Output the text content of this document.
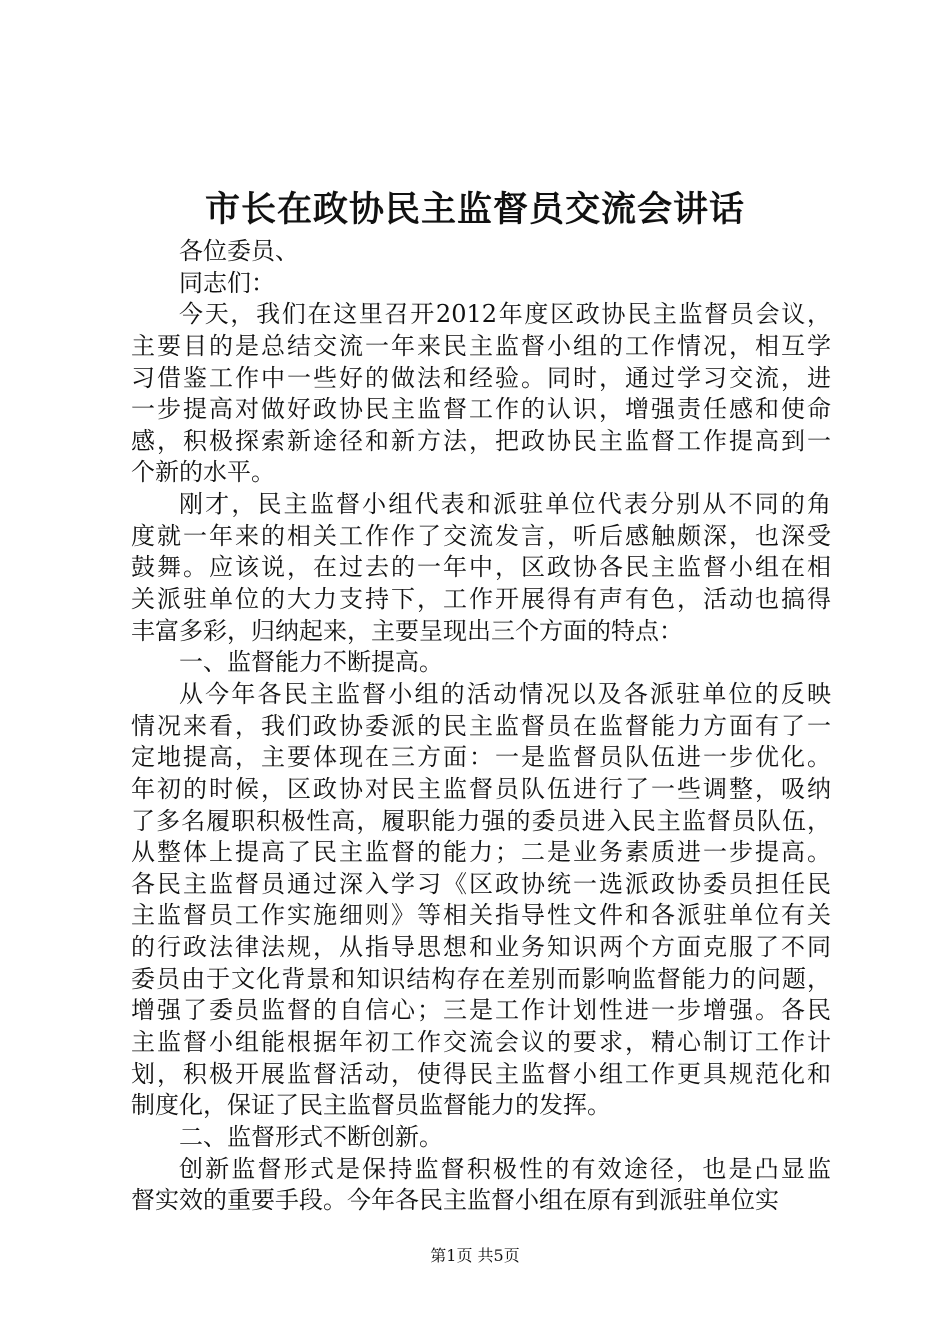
市长在政协民主监督员交流会讲话
各位委员、
同志们：
今天，我们在这里召开2012年度区政协民主监督员会议，
主要目的是总结交流一年来民主监督小组的工作情况，相互学
习借鉴工作中一些好的做法和经验。同时，通过学习交流，进
一步提高对做好政协民主监督工作的认识，增强责任感和使命
感，积极探索新途径和新方法，把政协民主监督工作提高到一
个新的水平。
刚才，民主监督小组代表和派驻单位代表分别从不同的角
度就一年来的相关工作作了交流发言，听后感触颇深，也深受
鼓舞。应该说，在过去的一年中，区政协各民主监督小组在相
关派驻单位的大力支持下，工作开展得有声有色，活动也搞得
丰富多彩，归纳起来，主要呈现出三个方面的特点：
一、监督能力不断提高。
从今年各民主监督小组的活动情况以及各派驻单位的反映
情况来看，我们政协委派的民主监督员在监督能力方面有了一
定地提高，主要体现在三方面：一是监督员队伍进一步优化。
年初的时候，区政协对民主监督员队伍进行了一些调整，吸纳
了多名履职积极性高，履职能力强的委员进入民主监督员队伍，
从整体上提高了民主监督的能力；二是业务素质进一步提高。
各民主监督员通过深入学习《区政协统一选派政协委员担任民
主监督员工作实施细则》等相关指导性文件和各派驻单位有关
的行政法律法规，从指导思想和业务知识两个方面克服了不同
委员由于文化背景和知识结构存在差别而影响监督能力的问题，
增强了委员监督的自信心；三是工作计划性进一步增强。各民
主监督小组能根据年初工作交流会议的要求，精心制订工作计
划，积极开展监督活动，使得民主监督小组工作更具规范化和
制度化，保证了民主监督员监督能力的发挥。
二、监督形式不断创新。
创新监督形式是保持监督积极性的有效途径，也是凸显监
督实效的重要手段。今年各民主监督小组在原有到派驻单位实
第1页 共5页
